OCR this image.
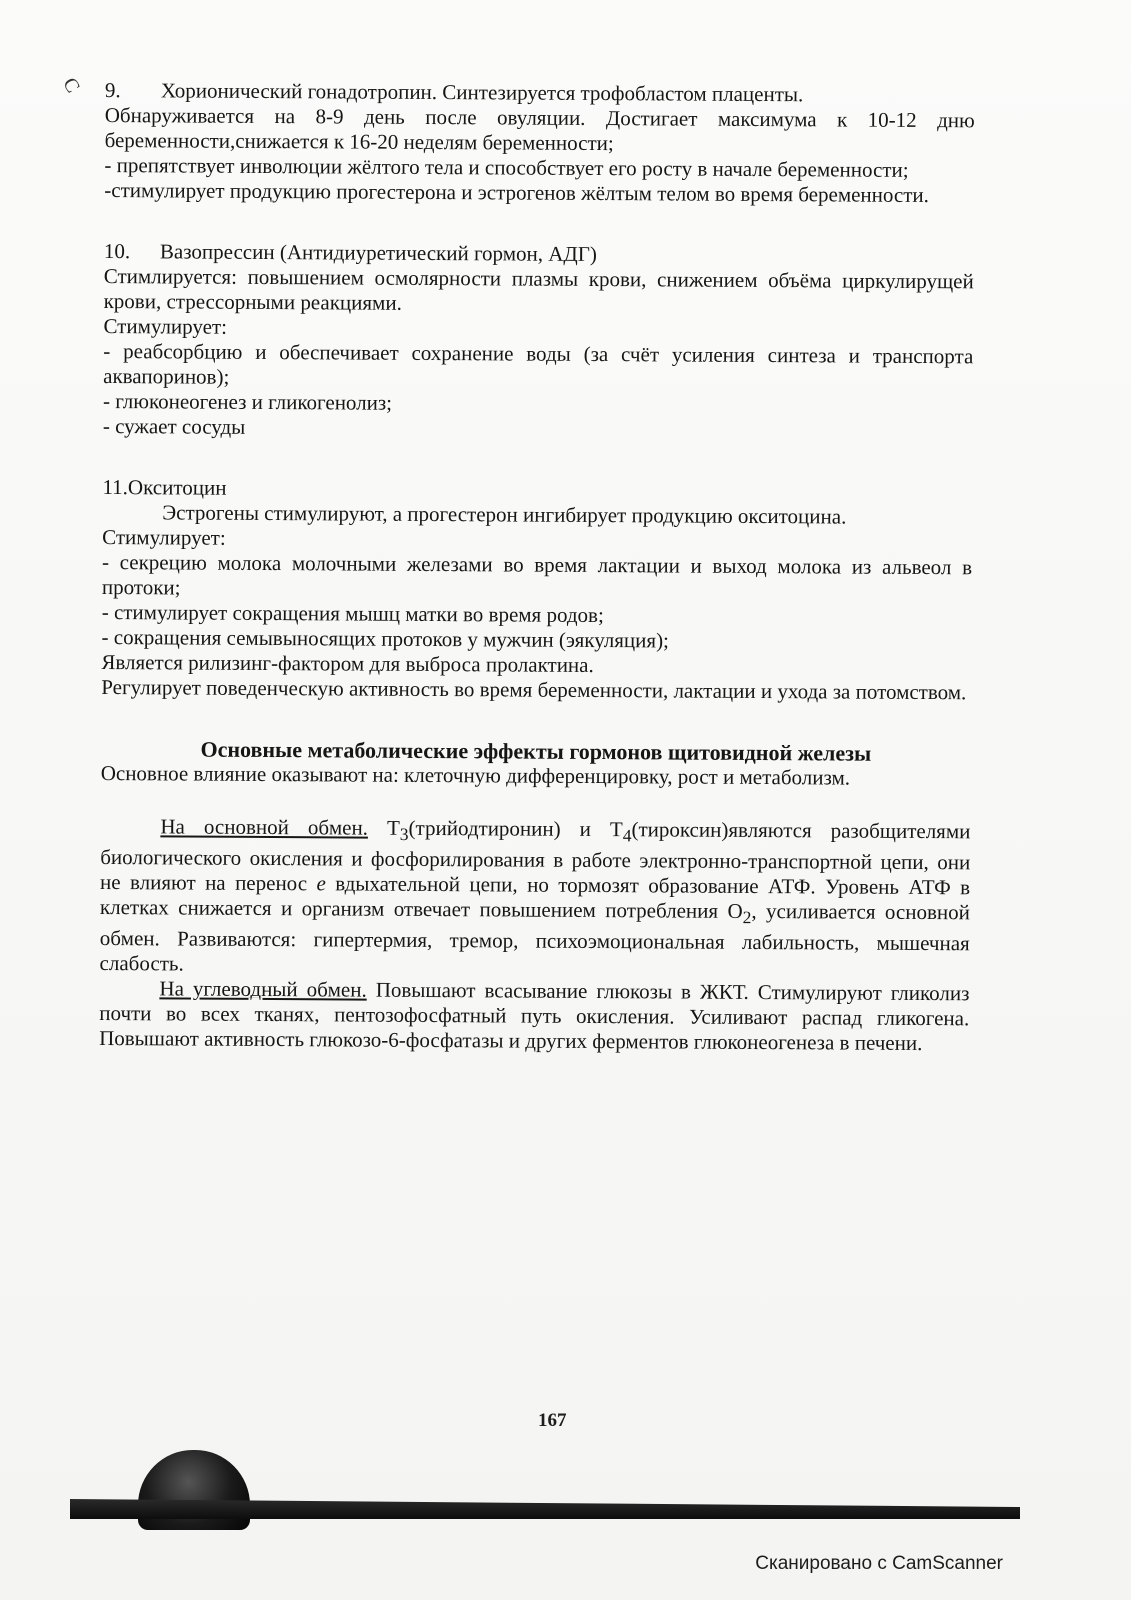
C 9. Хорионический гонадотропин. Синтезируется трофобластом плаценты.

Обнаруживается на 8-9 день после овуляции. Достигает максимума к 10-12 дню беременности,снижается к 16-20 неделям беременности;

- препятствует инволюции жёлтого тела и способствует его росту в начале беременности;

-стимулирует продукцию прогестерона и эстрогенов жёлтым телом во время беременности.

10. Вазопрессин (Антидиуретический гормон, АДГ)

Стимлируется: повышением осмолярности плазмы крови, снижением объёма циркулирущей крови, стрессорными реакциями.

Стимулирует:

- реабсорбцию и обеспечивает сохранение воды (за счёт усиления синтеза и транспорта аквапоринов);

- глюконеогенез и гликогенолиз;

- сужает сосуды

11.Окситоцин

Эстрогены стимулируют, а прогестерон ингибирует продукцию окситоцина.

Стимулирует:

- секрецию молока молочными железами во время лактации и выход молока из альвеол в протоки;

- стимулирует сокращения мышц матки во время родов;

- сокращения семывыносящих протоков у мужчин (эякуляция);

Является рилизинг-фактором для выброса пролактина.

Регулирует поведенческую активность во время беременности, лактации и ухода за потомством.

Основные метаболические эффекты гормонов щитовидной железы

Основное влияние оказывают на: клеточную дифференцировку, рост и метаболизм.

На основной обмен. $Т_3(трийодтиронин)$ и $Т_4(тироксин)являются$ разобщителями биологического окисления и фосфорилирования в работе электронно-транспортной цепи, они не влияют на перенос е вдыхательной цепи, но тормозят образование АТФ. Уровень АТФ в клетках снижается и организм отвечает повышением потребления $О_2$, усиливается основной обмен. Развиваются: гипертермия, тремор, психоэмоциональная лабильность, мышечная слабость.

На углеводный обмен. Повышают всасывание глюкозы в ЖКТ. Стимулируют гликолиз почти во всех тканях, пентозофосфатный путь окисления. Усиливают распад гликогена. Повышают активность глюкозо-6-фосфатазы и других ферментов глюконеогенеза в печени.

167
Сканировано с CamScanner
